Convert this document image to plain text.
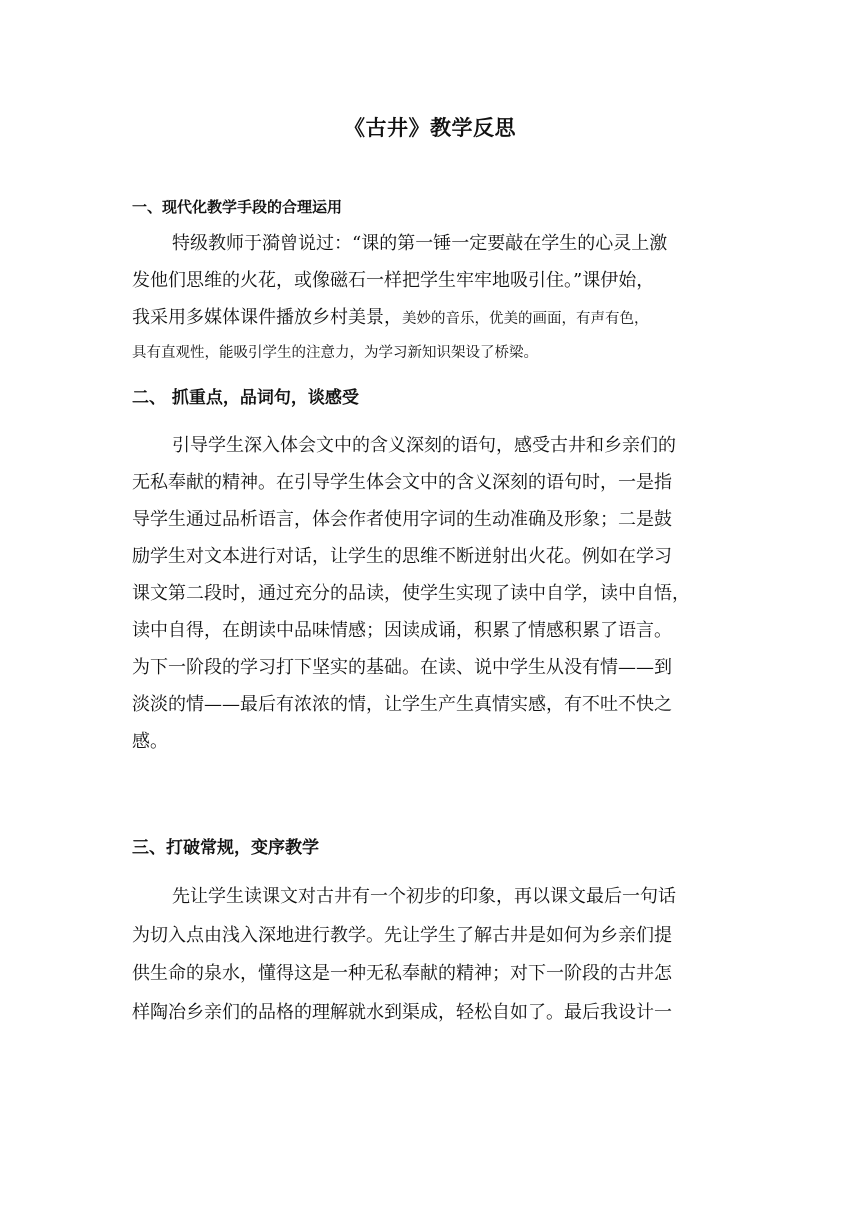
《古井》教学反思
一、现代化教学手段的合理运用
特级教师于漪曾说过：“课的第一锤一定要敲在学生的心灵上激
发他们思维的火花，或像磁石一样把学生牢牢地吸引住。”课伊始，
我采用多媒体课件播放乡村美景，美妙的音乐，优美的画面，有声有色，
具有直观性，能吸引学生的注意力，为学习新知识架设了桥梁。
二、 抓重点，品词句，谈感受
引导学生深入体会文中的含义深刻的语句，感受古井和乡亲们的
无私奉献的精神。在引导学生体会文中的含义深刻的语句时，一是指
导学生通过品析语言，体会作者使用字词的生动准确及形象；二是鼓
励学生对文本进行对话，让学生的思维不断迸射出火花。例如在学习
课文第二段时，通过充分的品读，使学生实现了读中自学，读中自悟，
读中自得，在朗读中品味情感；因读成诵，积累了情感积累了语言。
为下一阶段的学习打下坚实的基础。在读、说中学生从没有情——到
淡淡的情——最后有浓浓的情，让学生产生真情实感，有不吐不快之
感。
三、打破常规，变序教学
先让学生读课文对古井有一个初步的印象，再以课文最后一句话
为切入点由浅入深地进行教学。先让学生了解古井是如何为乡亲们提
供生命的泉水，懂得这是一种无私奉献的精神；对下一阶段的古井怎
样陶冶乡亲们的品格的理解就水到渠成，轻松自如了。最后我设计一
